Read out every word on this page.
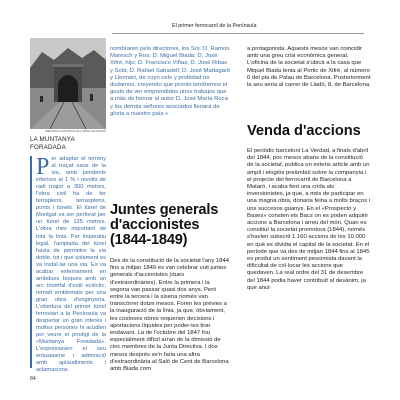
El primer ferrocarril de la Península
BIBLIOTECA HISTÒRICA DE L'ARXIU DE MATARÓ
LA MUNTANYA FORADADA
P er adaptar el terreny al traçat saus de la via, amb pendents inferiors al 1 % i revolts de radi major a 300 metres, l'obra civil ha de fer terraplens, terrasplens, ponts i túnels. El túnel de Montgat va ser perforat per un túnel de 125 metres. L'obra més important de tota la línia. Per imperatiu legal, l'amplada del túnel havia de permetre la via doble, tot i que solament es va instal·lar una via. Es va acabar externament en ambdues boques amb un arc triomfal d'estil eclèctic, rematt emblemats per una gran obra d'enginyeria. L'obertura del primer túnel ferroviari a la Península va despertar un gran interès i moltes persones hi acudien per veure el prodigi de la «Muntanya Foradada». L'expressaven el seu entusiasme i admiració amb aplaudiments i aclamacions.

nombraren pels directores, los Srs. D. Ramon Maresch y Ros; D. Miguel Biada; D. José Xifré, hijo; D. Francisco Viñas; D. José Ribas y Solá; D. Rafael Sabadell; D. José Mattagarit y Lleonart, de cuyo celo y probidad no dudamos, creyendo que pronto tendremos el gusto de ver emprendidos unos trabajos que a más de honrar al autor D. José María Roca y los demás señores asociados llenará de gloria a nuestro país.»

Juntes generals d'accionistes (1844-1849)

Des de la constitució de la societat l'any 1844 fins a mitjan 1849 es van celebrar vuit juntes generals d'accionistes (dues d'extraordinàries). Entre la primera i la segona van passar quasi dos anys. Però entre la tercera i la sisena només van transcórrer dotze mesos. Foren les prèvies a la inauguració de la línia, ja que, òbviament, les costoses obres requerien decisions i aportacions líquides per poder-les tirar endavant. La de l'octubre del 1847 fou especialment difícil arran de la dimissió de cinc membres de la Junta Directiva. I dos mesos després se'n faria una altra d'extraordinària al Saló de Cent de Barcelona amb Biada com

a protagonista. Aquests mesos van coincidir amb una greu crisi econòmica general. L'oficina de la societat s'ubicà a la casa que Miquel Biada tenia al Portic de Xifré, al número 6 del pla de Palau de Barcelona. Posteriorment la seu seria al carrer de Lladó, 8, de Barcelona.

Venda d'accions

El periòdic barceloní La Verdad, a finals d'abril del 1844, poc mesos abans de la constitució de la societat, publica un extens article amb un ampli i elogiós preàmbul sobre la companyia i el projecte del ferrocarril de Barcelona a Mataró, i acaba fent una crida als inversionistes, ja que, a més de participar en una magna obra, donaria feina a molts braços i uns succesos guanys. En el «Prospecto y Bases» consten els Bacs on es poden adquirir accions a Barcelona i arreu del món. Quan es constituí la societat promotora (1844), només s'havien subscrit 1.160 accions de les 10.000 en què es dividia el capital de la societat. En el període que va des de mitjan 1844 fins al 1845 es produí un sentiment pessimista davant la dificultat de col·locar les accions que quedaven. La real ordre del 31 de desembre del 1844 podia haver contribuït al desànim, ja que anul·

84
